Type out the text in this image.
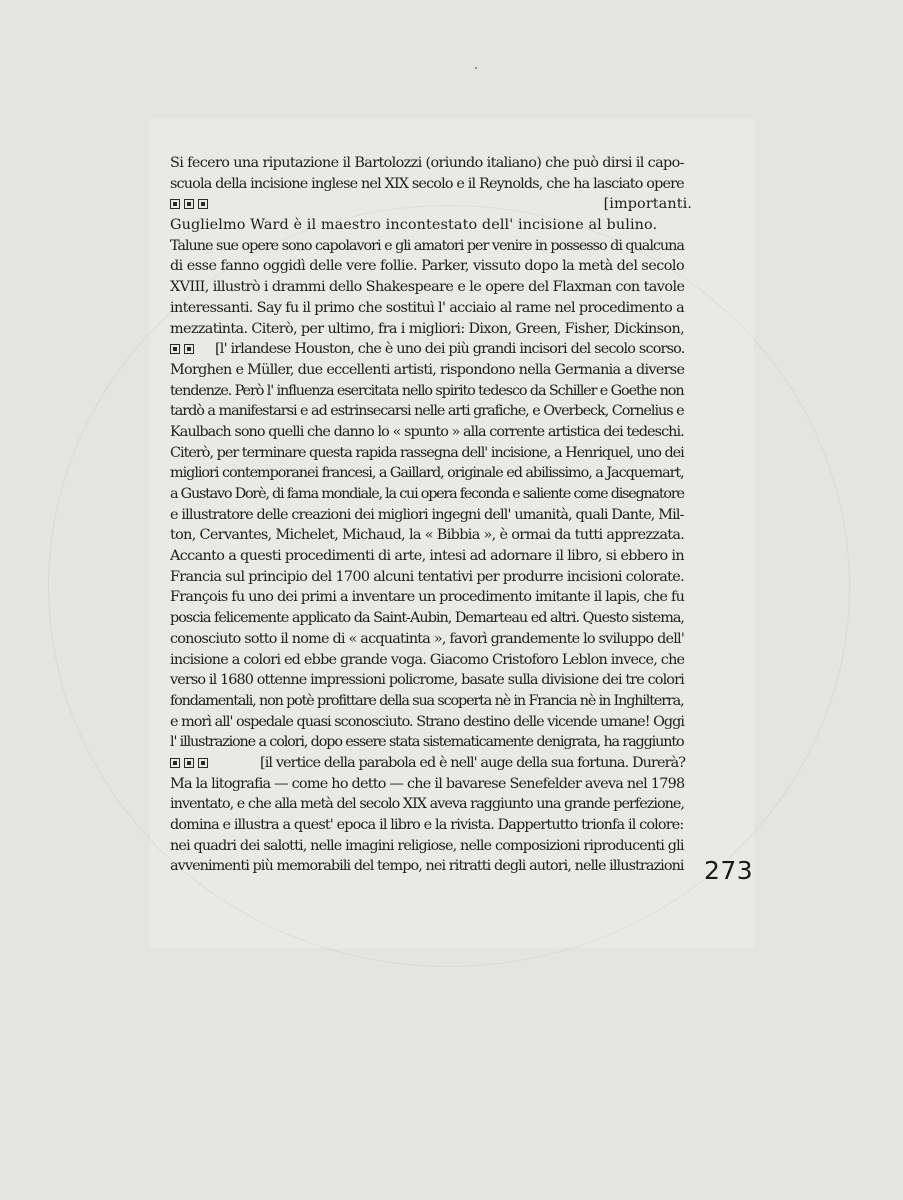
Si fecero una riputazione il Bartolozzi (oriundo italiano) che può dirsi il capo-
scuola della incisione inglese nel XIX secolo e il Reynolds, che ha lasciato opere
[importanti.
Guglielmo Ward è il maestro incontestato dell' incisione al bulino.
Talune sue opere sono capolavori e gli amatori per venire in possesso di qualcuna
di esse fanno oggidì delle vere follie. Parker, vissuto dopo la metà del secolo
XVIII, illustrò i drammi dello Shakespeare e le opere del Flaxman con tavole
interessanti. Say fu il primo che sostituì l' acciaio al rame nel procedimento a
mezzatinta. Citerò, per ultimo, fra i migliori: Dixon, Green, Fisher, Dickinson,
[l' irlandese Houston, che è uno dei più grandi incisori del secolo scorso.
Morghen e Müller, due eccellenti artisti, rispondono nella Germania a diverse
tendenze. Però l' influenza esercitata nello spirito tedesco da Schiller e Goethe non
tardò a manifestarsi e ad estrinsecarsi nelle arti grafiche, e Overbeck, Cornelius e
Kaulbach sono quelli che danno lo « spunto » alla corrente artistica dei tedeschi.
Citerò, per terminare questa rapida rassegna dell' incisione, a Henriquel, uno dei
migliori contemporanei francesi, a Gaillard, originale ed abilissimo, a Jacquemart,
a Gustavo Dorè, di fama mondiale, la cui opera feconda e saliente come disegnatore
e illustratore delle creazioni dei migliori ingegni dell' umanità, quali Dante, Mil-
ton, Cervantes, Michelet, Michaud, la « Bibbia », è ormai da tutti apprezzata.
Accanto a questi procedimenti di arte, intesi ad adornare il libro, si ebbero in
Francia sul principio del 1700 alcuni tentativi per produrre incisioni colorate.
François fu uno dei primi a inventare un procedimento imitante il lapis, che fu
poscia felicemente applicato da Saint-Aubin, Demarteau ed altri. Questo sistema,
conosciuto sotto il nome di « acquatinta », favorì grandemente lo sviluppo dell'
incisione a colori ed ebbe grande voga. Giacomo Cristoforo Leblon invece, che
verso il 1680 ottenne impressioni policrome, basate sulla divisione dei tre colori
fondamentali, non potè profittare della sua scoperta nè in Francia nè in Inghilterra,
e morì all' ospedale quasi sconosciuto. Strano destino delle vicende umane! Oggi
l' illustrazione a colori, dopo essere stata sistematicamente denigrata, ha raggiunto
[il vertice della parabola ed è nell' auge della sua fortuna. Durerà?
Ma la litografia — come ho detto — che il bavarese Senefelder aveva nel 1798
inventato, e che alla metà del secolo XIX aveva raggiunto una grande perfezione,
domina e illustra a quest' epoca il libro e la rivista. Dappertutto trionfa il colore:
nei quadri dei salotti, nelle imagini religiose, nelle composizioni riproducenti gli
avvenimenti più memorabili del tempo, nei ritratti degli autori, nelle illustrazioni 273
